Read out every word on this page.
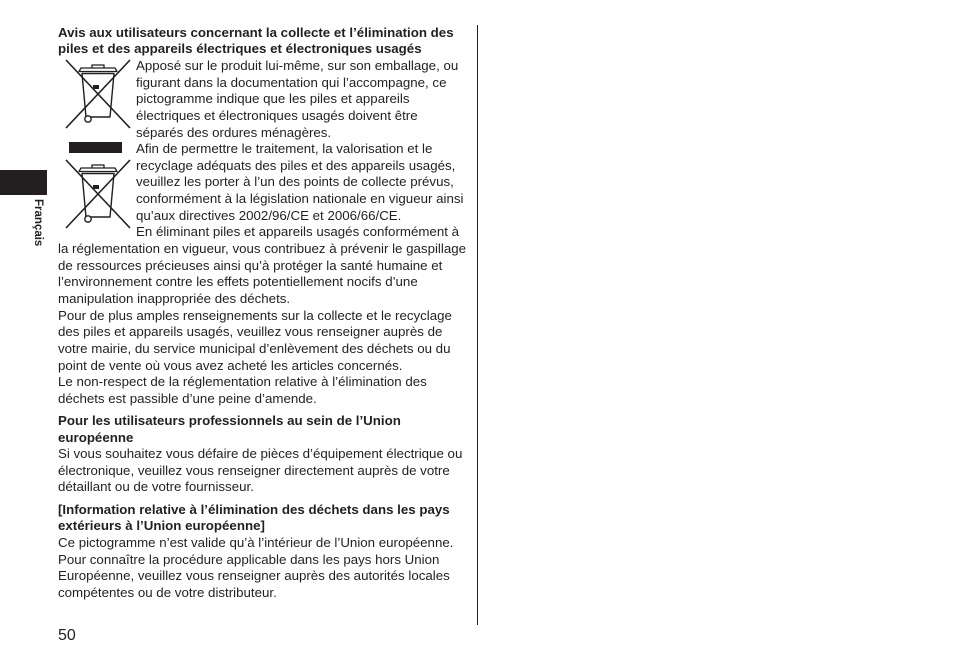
Français
Avis aux utilisateurs concernant la collecte et l’élimination des
piles et des appareils électriques et électroniques usagés
Apposé sur le produit lui-même, sur son emballage, ou
figurant dans la documentation qui l’accompagne, ce
pictogramme indique que les piles et appareils
électriques et électroniques usagés doivent être
séparés des ordures ménagères.
Afin de permettre le traitement, la valorisation et le
recyclage adéquats des piles et des appareils usagés,
veuillez les porter à l’un des points de collecte prévus,
conformément à la législation nationale en vigueur ainsi
qu’aux directives 2002/96/CE et 2006/66/CE.
En éliminant piles et appareils usagés conformément à
la réglementation en vigueur, vous contribuez à prévenir le gaspillage
de ressources précieuses ainsi qu’à protéger la santé humaine et
l’environnement contre les effets potentiellement nocifs d’une
manipulation inappropriée des déchets.
Pour de plus amples renseignements sur la collecte et le recyclage
des piles et appareils usagés, veuillez vous renseigner auprès de
votre mairie, du service municipal d’enlèvement des déchets ou du
point de vente où vous avez acheté les articles concernés.
Le non-respect de la réglementation relative à l’élimination des
déchets est passible d’une peine d’amende.
Pour les utilisateurs professionnels au sein de l’Union
européenne
Si vous souhaitez vous défaire de pièces d’équipement électrique ou
électronique, veuillez vous renseigner directement auprès de votre
détaillant ou de votre fournisseur.
[Information relative à l’élimination des déchets dans les pays
extérieurs à l’Union européenne]
Ce pictogramme n’est valide qu’à l’intérieur de l’Union européenne.
Pour connaître la procédure applicable dans les pays hors Union
Européenne, veuillez vous renseigner auprès des autorités locales
compétentes ou de votre distributeur.
50
